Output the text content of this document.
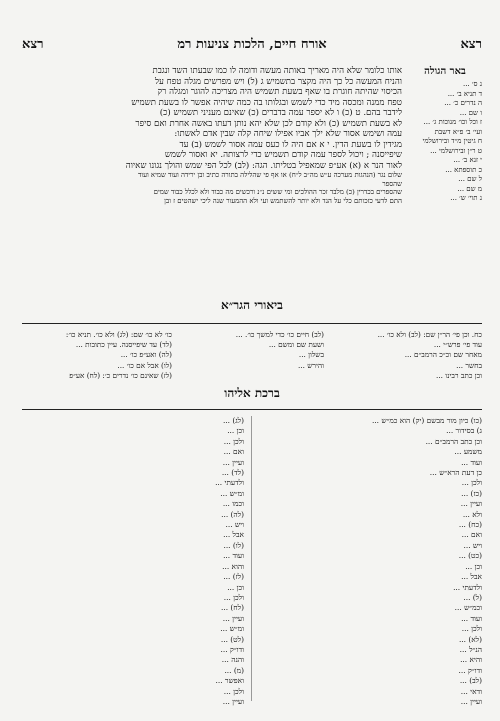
רצא
אורח חיים, הלכות צניעות רמ
רצא
באר הגולה
נ ס׳ ...
ד תניא ב׳ ...
ה נדרים כ׳ ...
ו שם ...
ז וכל וכו׳ מנוכות ג׳ ...
ועי׳ ב׳ פ״א דשבת
ח גיטין מ״ד ובירושלמי
ט ר״ן ובירושלמי ...
י זנא ב׳ ...
כ תוספתא ...
ל שם ...
מ שם ...
נ תוי׳ ש׳ ...
אותו כלומר שלא היה מאריך באותה מעשה ודומה לו כמו שבעתו השד ונגבת
והניח המעשה כל כך היה מקצר בתשמיש ג (ל) ויש מפרשים מגלה טפח על
הכיסוי שהיתה חוגרת בו שאף בשעת תשמיש היה מצריכה להוגר ומגלה רק
טפח ממנה ומכסה מיד כדי לשמש ובגלותו בה כמה שיהיה אפשר לו בשעת תשמיש
לידבר בהם. ט (כ) ו לא יספר עמה בדברים (כ) שאינם מעניני תשמיש (כ)
לא בשעת תשמיש (כ) ולא קודם לכן שלא יהא נותן דעתו באשה אחרת ואם סיפר
עמה ושימש אסור שלא ילך אביו אפילו שיחה קלה שבין אדם לאשתו:
מגידין לו בשעת הדין. י א אם היה לו כעס עמה אסור לשמש (ב) עד
שיפייסנה ; ויכול לספר עמה קודם תשמיש כדי לרצותה. יא ואסור לשמש
לאור הנר א (א) אע״פ שמאפיל בטליתו. הגה: (לב) לכל הפי שמש והולך נגונו שאיוה
שלום נגר (הנהגות מערכה ע״ש מה״ב ל״ח) או אף פי שהלילה בתורה כתיב ובן ירידה ועוד שמיא ועוד
שהספר
שהספרים בכדרין (כ) מלבד זכר ההולכים ומי ששים נ״נ ורכשים מה כבוד ולא לכלל כבוד שמים
התם לדעי כזכותם כלי על הנד ולא יותר להשתמש ועי ולא ההמעור שנה ליכי ישהטים ז ובן
ביאורי הגר״א
כח. וכן פי׳ הר״ן שם: (לב) ולא כו׳ ...
עוד פי׳ פרש״י ...
מאחר שם וכ״כ הרמב״ם ...
בחשר ...
וכן כתב רבינו ...
(לב) חיים כו׳ כדי למשך כו׳. ...
ושעת שם ומשם ...
בשלון ...
והירש ...
כו׳ לא כו׳ שם: (לג) ולא כו׳. תניא כו׳:
(לד) עד שיפייסנה. עיין כתובות ...
(לה) ואע״פ כו׳ ...
(לו) אבל אם כו׳ ...
(לז) שאינם כו׳ נדרים כ׳: (לח) אע״פ
ברכת אליהו
(כו) כיון מור מבשם (יק) הוא כמ״ש ...
ג) בסידור ...
וכן כתב הרמב״ם ...
משמע ...
ועוד ...
כן דעת הרא״ש ...
ולכן ...
(כז) ...
ועיין ...
ולא ...
(כח) ...
ואם ...
ויש ...
(כט) ...
וכן ...
אבל ...
ולדעתי ...
(ל) ...
וכמ״ש ...
ועוד ...
ולכן ...
(לא) ...
הנ״ל ...
והיא ...
ודו״ק ...
(לב) ...
ודאי ...
ועיין ...
(לג) ...
וכן ...
ולכן ...
ואם ...
ועיין ...
(לד) ...
ולדעתי ...
ומ״ש ...
וכמו ...
(לה) ...
ויש ...
אבל ...
(לו) ...
ועוד ...
והוא ...
(לז) ...
וכן ...
ולכן ...
(לח) ...
ועיין ...
ומ״ש ...
(לט) ...
ודו״ק ...
והנה ...
(מ) ...
ואפשר ...
ולכן ...
ועיין ...
